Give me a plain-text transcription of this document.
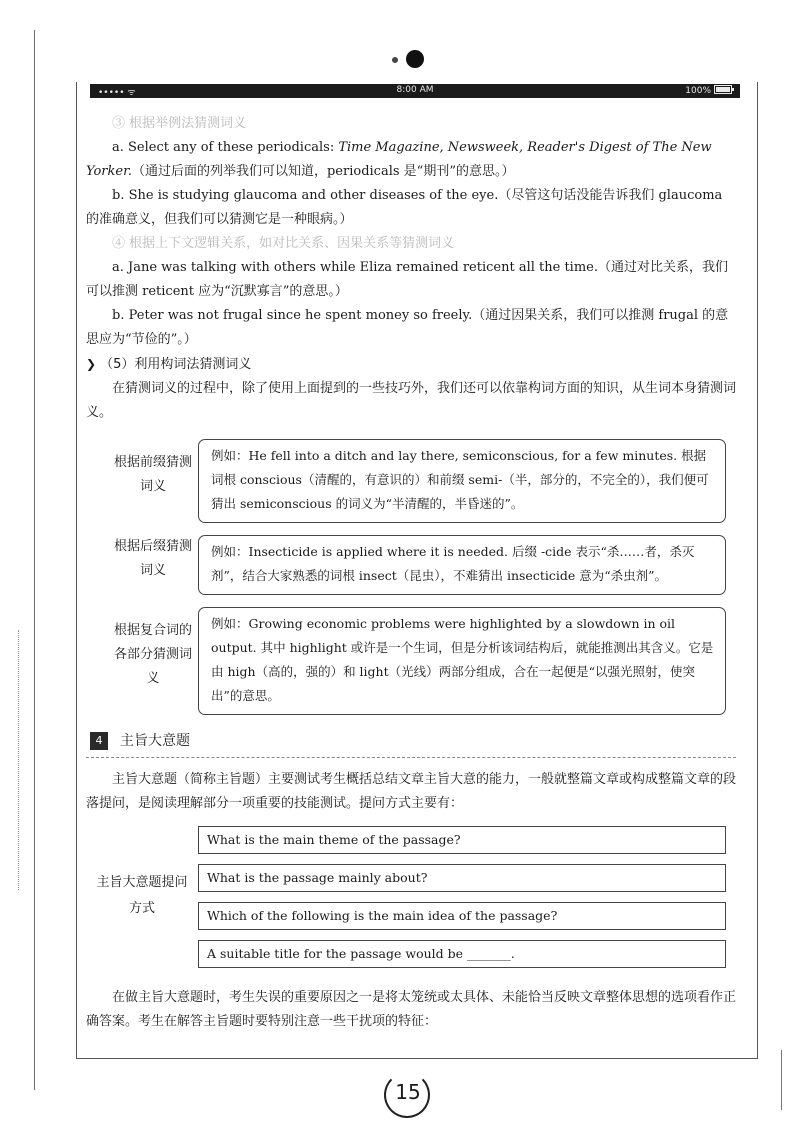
••••• ᯤ	8:00 AM	100%

③ 根据举例法猜测词义

a. Select any of these periodicals: Time Magazine, Newsweek, Reader's Digest of The New Yorker.（通过后面的列举我们可以知道，periodicals 是“期刊”的意思。）

b. She is studying glaucoma and other diseases of the eye.（尽管这句话没能告诉我们 glaucoma 的准确意义，但我们可以猜测它是一种眼病。）

④ 根据上下文逻辑关系，如对比关系、因果关系等猜测词义

a. Jane was talking with others while Eliza remained reticent all the time.（通过对比关系，我们可以推测 reticent 应为“沉默寡言”的意思。）

b. Peter was not frugal since he spent money so freely.（通过因果关系，我们可以推测 frugal 的意思应为“节俭的”。）

❯ （5）利用构词法猜测词义

在猜测词义的过程中，除了使用上面提到的一些技巧外，我们还可以依靠构词方面的知识，从生词本身猜测词义。

根据前缀猜测词义
例如：He fell into a ditch and lay there, semiconscious, for a few minutes. 根据词根 conscious（清醒的，有意识的）和前缀 semi-（半，部分的，不完全的），我们便可猜出 semiconscious 的词义为“半清醒的，半昏迷的”。
根据后缀猜测词义
例如：Insecticide is applied where it is needed. 后缀 -cide 表示“杀……者，杀灭剂”，结合大家熟悉的词根 insect（昆虫），不难猜出 insecticide 意为“杀虫剂”。
根据复合词的各部分猜测词义
例如：Growing economic problems were highlighted by a slowdown in oil output. 其中 highlight 或许是一个生词，但是分析该词结构后，就能推测出其含义。它是由 high（高的，强的）和 light（光线）两部分组成，合在一起便是“以强光照射，使突出”的意思。
4	主旨大意题

主旨大意题（简称主旨题）主要测试考生概括总结文章主旨大意的能力，一般就整篇文章或构成整篇文章的段落提问，是阅读理解部分一项重要的技能测试。提问方式主要有：

主旨大意题提问方式
What is the main theme of the passage?
What is the passage mainly about?
Which of the following is the main idea of the passage?
A suitable title for the passage would be _______.

在做主旨大意题时，考生失误的重要原因之一是将太笼统或太具体、未能恰当反映文章整体思想的选项看作正确答案。考生在解答主旨题时要特别注意一些干扰项的特征：

15
